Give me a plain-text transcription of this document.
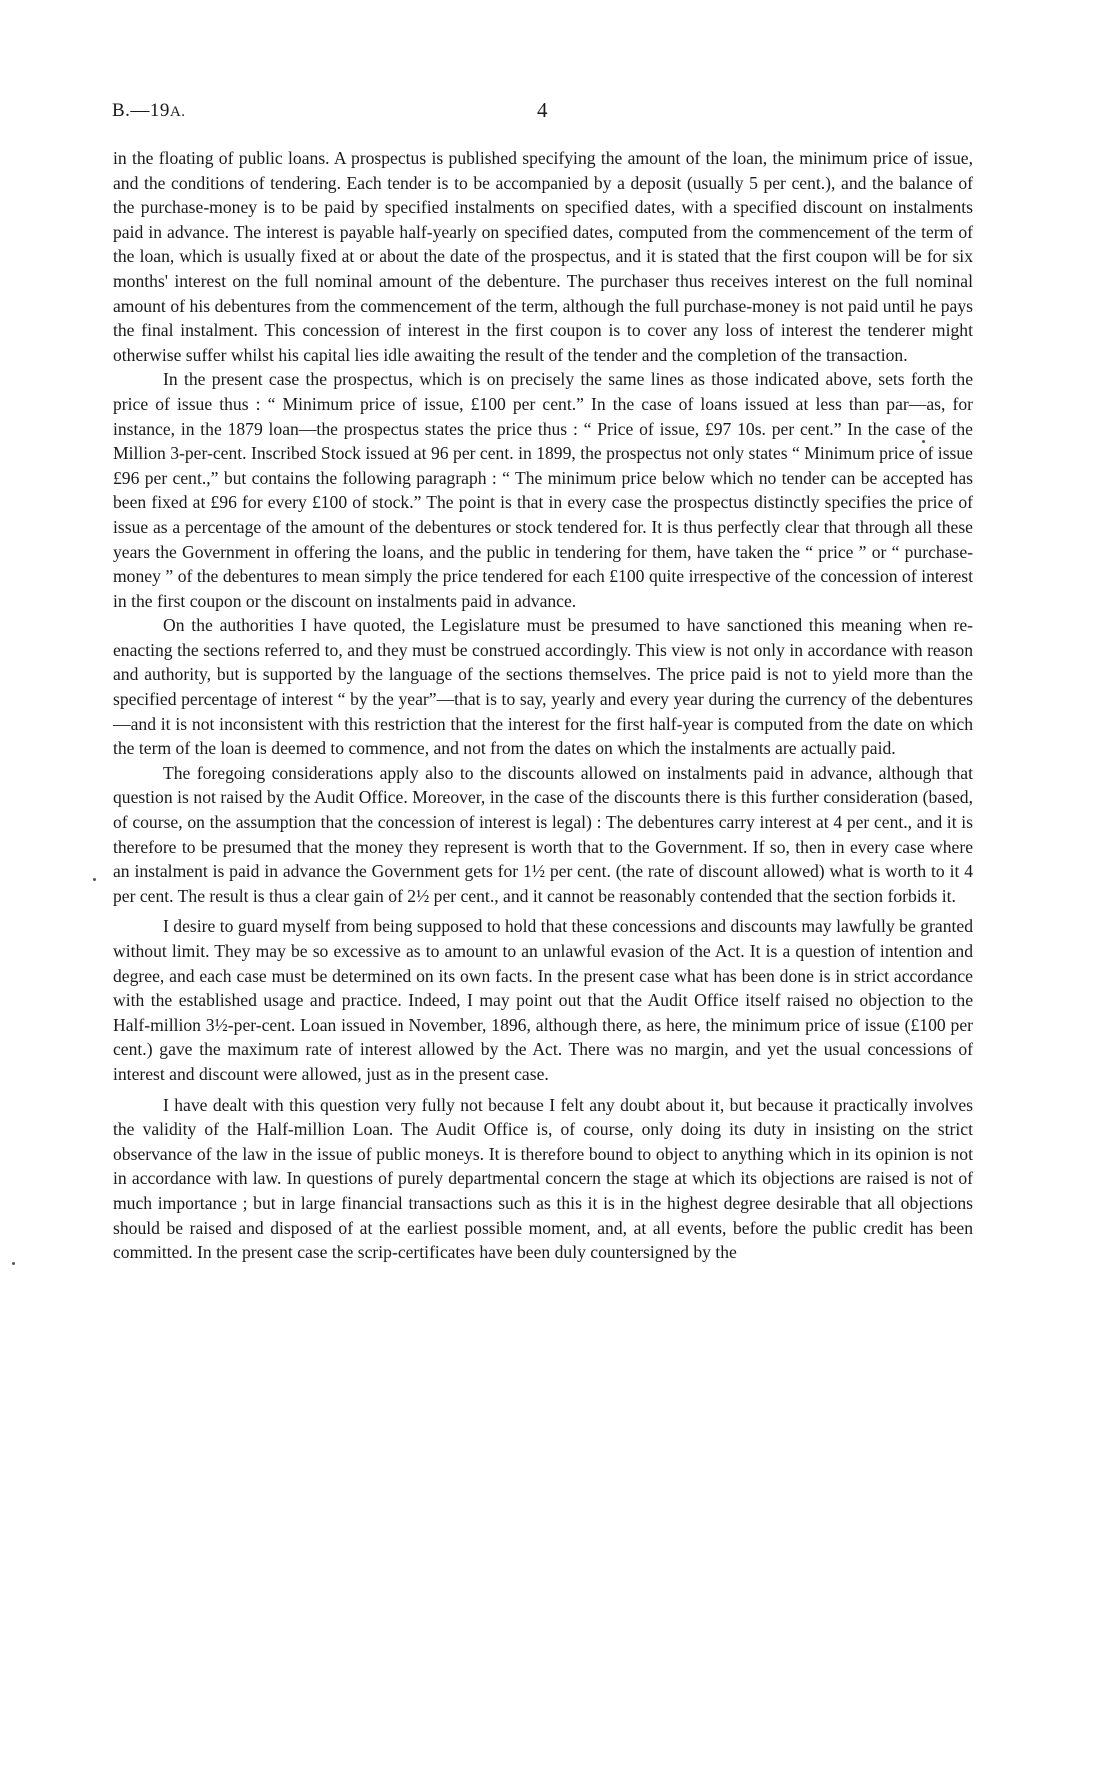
B.—19A.	4

in the floating of public loans. A prospectus is published specifying the amount of the loan, the minimum price of issue, and the conditions of tendering. Each tender is to be accompanied by a deposit (usually 5 per cent.), and the balance of the purchase-money is to be paid by specified instalments on specified dates, with a specified discount on instalments paid in advance. The interest is payable half-yearly on specified dates, computed from the commencement of the term of the loan, which is usually fixed at or about the date of the prospectus, and it is stated that the first coupon will be for six months' interest on the full nominal amount of the debenture. The purchaser thus receives interest on the full nominal amount of his debentures from the commencement of the term, although the full purchase-money is not paid until he pays the final instalment. This concession of interest in the first coupon is to cover any loss of interest the tenderer might otherwise suffer whilst his capital lies idle awaiting the result of the tender and the completion of the transaction.

In the present case the prospectus, which is on precisely the same lines as those indicated above, sets forth the price of issue thus : “ Minimum price of issue, £100 per cent.” In the case of loans issued at less than par—as, for instance, in the 1879 loan—the prospectus states the price thus : “ Price of issue, £97 10s. per cent.” In the case of the Million 3-per-cent. Inscribed Stock issued at 96 per cent. in 1899, the prospectus not only states “ Minimum price of issue £96 per cent.,” but contains the following paragraph : “ The minimum price below which no tender can be accepted has been fixed at £96 for every £100 of stock.” The point is that in every case the prospectus distinctly specifies the price of issue as a percentage of the amount of the debentures or stock tendered for. It is thus perfectly clear that through all these years the Government in offering the loans, and the public in tendering for them, have taken the “ price ” or “ purchase-money ” of the debentures to mean simply the price tendered for each £100 quite irrespective of the concession of interest in the first coupon or the discount on instalments paid in advance.

On the authorities I have quoted, the Legislature must be presumed to have sanctioned this meaning when re-enacting the sections referred to, and they must be construed accordingly. This view is not only in accordance with reason and authority, but is supported by the language of the sections themselves. The price paid is not to yield more than the specified percentage of interest “ by the year”—that is to say, yearly and every year during the currency of the debentures—and it is not inconsistent with this restriction that the interest for the first half-year is computed from the date on which the term of the loan is deemed to commence, and not from the dates on which the instalments are actually paid.

The foregoing considerations apply also to the discounts allowed on instalments paid in advance, although that question is not raised by the Audit Office. Moreover, in the case of the discounts there is this further consideration (based, of course, on the assumption that the concession of interest is legal) : The debentures carry interest at 4 per cent., and it is therefore to be presumed that the money they represent is worth that to the Government. If so, then in every case where an instalment is paid in advance the Government gets for 1½ per cent. (the rate of discount allowed) what is worth to it 4 per cent. The result is thus a clear gain of 2½ per cent., and it cannot be reasonably contended that the section forbids it.

I desire to guard myself from being supposed to hold that these concessions and discounts may lawfully be granted without limit. They may be so excessive as to amount to an unlawful evasion of the Act. It is a question of intention and degree, and each case must be determined on its own facts. In the present case what has been done is in strict accordance with the established usage and practice. Indeed, I may point out that the Audit Office itself raised no objection to the Half-million 3½-per-cent. Loan issued in November, 1896, although there, as here, the minimum price of issue (£100 per cent.) gave the maximum rate of interest allowed by the Act. There was no margin, and yet the usual concessions of interest and discount were allowed, just as in the present case.

I have dealt with this question very fully not because I felt any doubt about it, but because it practically involves the validity of the Half-million Loan. The Audit Office is, of course, only doing its duty in insisting on the strict observance of the law in the issue of public moneys. It is therefore bound to object to anything which in its opinion is not in accordance with law. In questions of purely departmental concern the stage at which its objections are raised is not of much importance ; but in large financial transactions such as this it is in the highest degree desirable that all objections should be raised and disposed of at the earliest possible moment, and, at all events, before the public credit has been committed. In the present case the scrip-certificates have been duly countersigned by the
